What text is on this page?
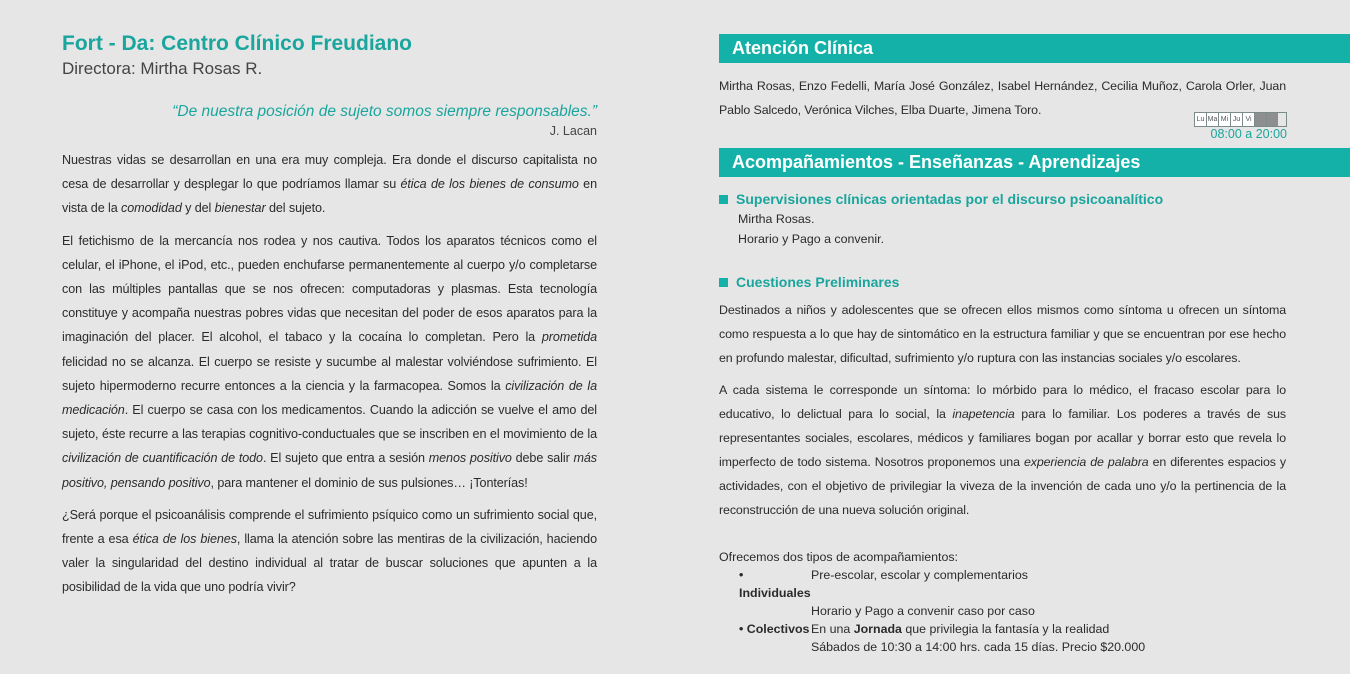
Fort - Da: Centro Clínico Freudiano
Directora: Mirtha Rosas R.
“De nuestra posición de sujeto somos siempre responsables.”
J. Lacan

Nuestras vidas se desarrollan en una era muy compleja. Era donde el discurso capitalista no cesa de desarrollar y desplegar lo que podríamos llamar su ética de los bienes de consumo en vista de la comodidad y del bienestar del sujeto.

El fetichismo de la mercancía nos rodea y nos cautiva. Todos los aparatos técnicos como el celular, el iPhone, el iPod, etc., pueden enchufarse permanentemente al cuerpo y/o completarse con las múltiples pantallas que se nos ofrecen: computadoras y plasmas. Esta tecnología constituye y acompaña nuestras pobres vidas que necesitan del poder de esos aparatos para la imaginación del placer. El alcohol, el tabaco y la cocaína lo completan. Pero la prometida felicidad no se alcanza. El cuerpo se resiste y sucumbe al malestar volviéndose sufrimiento. El sujeto hipermoderno recurre entonces a la ciencia y la farmacopea. Somos la civilización de la medicación. El cuerpo se casa con los medicamentos. Cuando la adicción se vuelve el amo del sujeto, éste recurre a las terapias cognitivo-conductuales que se inscriben en el movimiento de la civilización de cuantificación de todo. El sujeto que entra a sesión menos positivo debe salir más positivo, pensando positivo, para mantener el dominio de sus pulsiones… ¡Tonterías!

¿Será porque el psicoanálisis comprende el sufrimiento psíquico como un sufrimiento social que, frente a esa ética de los bienes, llama la atención sobre las mentiras de la civilización, haciendo valer la singularidad del destino individual al tratar de buscar soluciones que apunten a la posibilidad de la vida que uno podría vivir?

Atención Clínica
Mirtha Rosas, Enzo Fedelli, María José González, Isabel Hernández, Cecilia Muñoz, Carola Orler, Juan Pablo Salcedo, Verónica Vilches, Elba Duarte, Jimena Toro.
Lu Ma Mi Ju Vi
08:00 a 20:00
Acompañamientos - Enseñanzas - Aprendizajes
Supervisiones clínicas orientadas por el discurso psicoanalítico
Mirtha Rosas.
Horario y Pago a convenir.
Cuestiones Preliminares
Destinados a niños y adolescentes que se ofrecen ellos mismos como síntoma u ofrecen un síntoma como respuesta a lo que hay de sintomático en la estructura familiar y que se encuentran por ese hecho en profundo malestar, dificultad, sufrimiento y/o ruptura con las instancias sociales y/o escolares.
A cada sistema le corresponde un síntoma: lo mórbido para lo médico, el fracaso escolar para lo educativo, lo delictual para lo social, la inapetencia para lo familiar. Los poderes a través de sus representantes sociales, escolares, médicos y familiares bogan por acallar y borrar esto que revela lo imperfecto de todo sistema. Nosotros proponemos una experiencia de palabra en diferentes espacios y actividades, con el objetivo de privilegiar la viveza de la invención de cada uno y/o la pertinencia de la reconstrucción de una nueva solución original.
Ofrecemos dos tipos de acompañamientos:
• Individuales
Pre-escolar, escolar y complementarios
Horario y Pago a convenir caso por caso
• Colectivos En una Jornada que privilegia la fantasía y la realidad
Sábados de 10:30 a 14:00 hrs. cada 15 días. Precio $20.000
